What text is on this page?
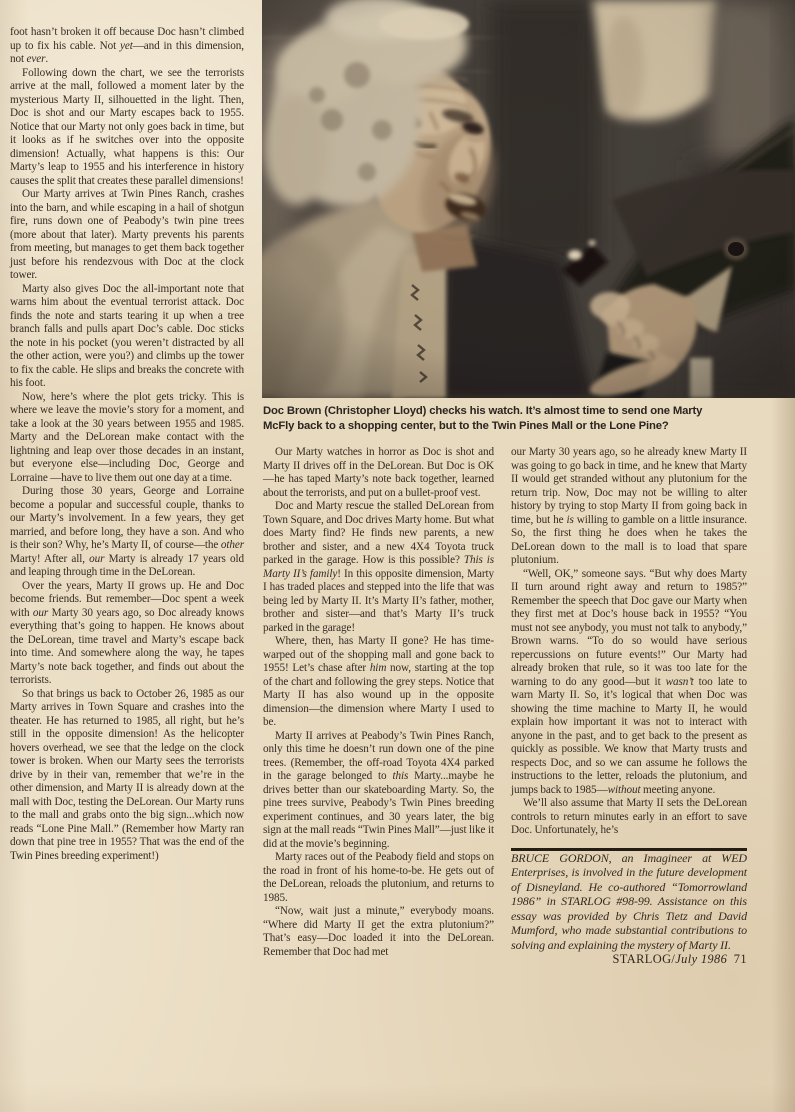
Doc Brown (Christopher Lloyd) checks his watch. It’s almost time to send one Marty McFly back to a shopping center, but to the Twin Pines Mall or the Lone Pine?

foot hasn’t broken it off because Doc hasn’t climbed up to fix his cable. Not yet—and in this dimension, not ever.

Following down the chart, we see the terrorists arrive at the mall, followed a moment later by the mysterious Marty II, silhouetted in the light. Then, Doc is shot and our Marty escapes back to 1955. Notice that our Marty not only goes back in time, but it looks as if he switches over into the opposite dimension! Actually, what happens is this: Our Marty’s leap to 1955 and his interference in history causes the split that creates these parallel dimensions!

Our Marty arrives at Twin Pines Ranch, crashes into the barn, and while escaping in a hail of shotgun fire, runs down one of Peabody’s twin pine trees (more about that later). Marty prevents his parents from meeting, but manages to get them back together just before his rendezvous with Doc at the clock tower.

Marty also gives Doc the all-important note that warns him about the eventual terrorist attack. Doc finds the note and starts tearing it up when a tree branch falls and pulls apart Doc’s cable. Doc sticks the note in his pocket (you weren’t distracted by all the other action, were you?) and climbs up the tower to fix the cable. He slips and breaks the concrete with his foot.

Now, here’s where the plot gets tricky. This is where we leave the movie’s story for a moment, and take a look at the 30 years between 1955 and 1985. Marty and the DeLorean make contact with the lightning and leap over those decades in an instant, but everyone else—including Doc, George and Lorraine —have to live them out one day at a time.

During those 30 years, George and Lorraine become a popular and successful couple, thanks to our Marty’s involvement. In a few years, they get married, and before long, they have a son. And who is their son? Why, he’s Marty II, of course—the other Marty! After all, our Marty is already 17 years old and leaping through time in the DeLorean.

Over the years, Marty II grows up. He and Doc become friends. But remember—Doc spent a week with our Marty 30 years ago, so Doc already knows everything that’s going to happen. He knows about the DeLorean, time travel and Marty’s escape back into time. And somewhere along the way, he tapes Marty’s note back together, and finds out about the terrorists.

So that brings us back to October 26, 1985 as our Marty arrives in Town Square and crashes into the theater. He has returned to 1985, all right, but he’s still in the opposite dimension! As the helicopter hovers overhead, we see that the ledge on the clock tower is broken. When our Marty sees the terrorists drive by in their van, remember that we’re in the other dimension, and Marty II is already down at the mall with Doc, testing the DeLorean. Our Marty runs to the mall and grabs onto the big sign...which now reads “Lone Pine Mall.” (Remember how Marty ran down that pine tree in 1955? That was the end of the Twin Pines breeding experiment!)

Our Marty watches in horror as Doc is shot and Marty II drives off in the DeLorean. But Doc is OK—he has taped Marty’s note back together, learned about the terrorists, and put on a bullet-proof vest.

Doc and Marty rescue the stalled DeLorean from Town Square, and Doc drives Marty home. But what does Marty find? He finds new parents, a new brother and sister, and a new 4X4 Toyota truck parked in the garage. How is this possible? This is Marty II’s family! In this opposite dimension, Marty I has traded places and stepped into the life that was being led by Marty II. It’s Marty II’s father, mother, brother and sister—and that’s Marty II’s truck parked in the garage!

Where, then, has Marty II gone? He has time-warped out of the shopping mall and gone back to 1955! Let’s chase after him now, starting at the top of the chart and following the grey steps. Notice that Marty II has also wound up in the opposite dimension—the dimension where Marty I used to be.

Marty II arrives at Peabody’s Twin Pines Ranch, only this time he doesn’t run down one of the pine trees. (Remember, the off-road Toyota 4X4 parked in the garage belonged to this Marty...maybe he drives better than our skateboarding Marty. So, the pine trees survive, Peabody’s Twin Pines breeding experiment continues, and 30 years later, the big sign at the mall reads “Twin Pines Mall”—just like it did at the movie’s beginning.

Marty races out of the Peabody field and stops on the road in front of his home-to-be. He gets out of the DeLorean, reloads the plutonium, and returns to 1985.

“Now, wait just a minute,” everybody moans. “Where did Marty II get the extra plutonium?” That’s easy—Doc loaded it into the DeLorean. Remember that Doc had met

our Marty 30 years ago, so he already knew Marty II was going to go back in time, and he knew that Marty II would get stranded without any plutonium for the return trip. Now, Doc may not be willing to alter history by trying to stop Marty II from going back in time, but he is willing to gamble on a little insurance. So, the first thing he does when he takes the DeLorean down to the mall is to load that spare plutonium.

“Well, OK,” someone says. “But why does Marty II turn around right away and return to 1985?” Remember the speech that Doc gave our Marty when they first met at Doc’s house back in 1955? “You must not see anybody, you must not talk to anybody,” Brown warns. “To do so would have serious repercussions on future events!” Our Marty had already broken that rule, so it was too late for the warning to do any good—but it wasn’t too late to warn Marty II. So, it’s logical that when Doc was showing the time machine to Marty II, he would explain how important it was not to interact with anyone in the past, and to get back to the present as quickly as possible. We know that Marty trusts and respects Doc, and so we can assume he follows the instructions to the letter, reloads the plutonium, and jumps back to 1985—without meeting anyone.

We’ll also assume that Marty II sets the DeLorean controls to return minutes early in an effort to save Doc. Unfortunately, he’s

BRUCE GORDON, an Imagineer at WED Enterprises, is involved in the future development of Disneyland. He co-authored “Tomorrowland 1986” in STARLOG #98-99. Assistance on this essay was provided by Chris Tietz and David Mumford, who made substantial contributions to solving and explaining the mystery of Marty II.

STARLOG/July 1986  71
